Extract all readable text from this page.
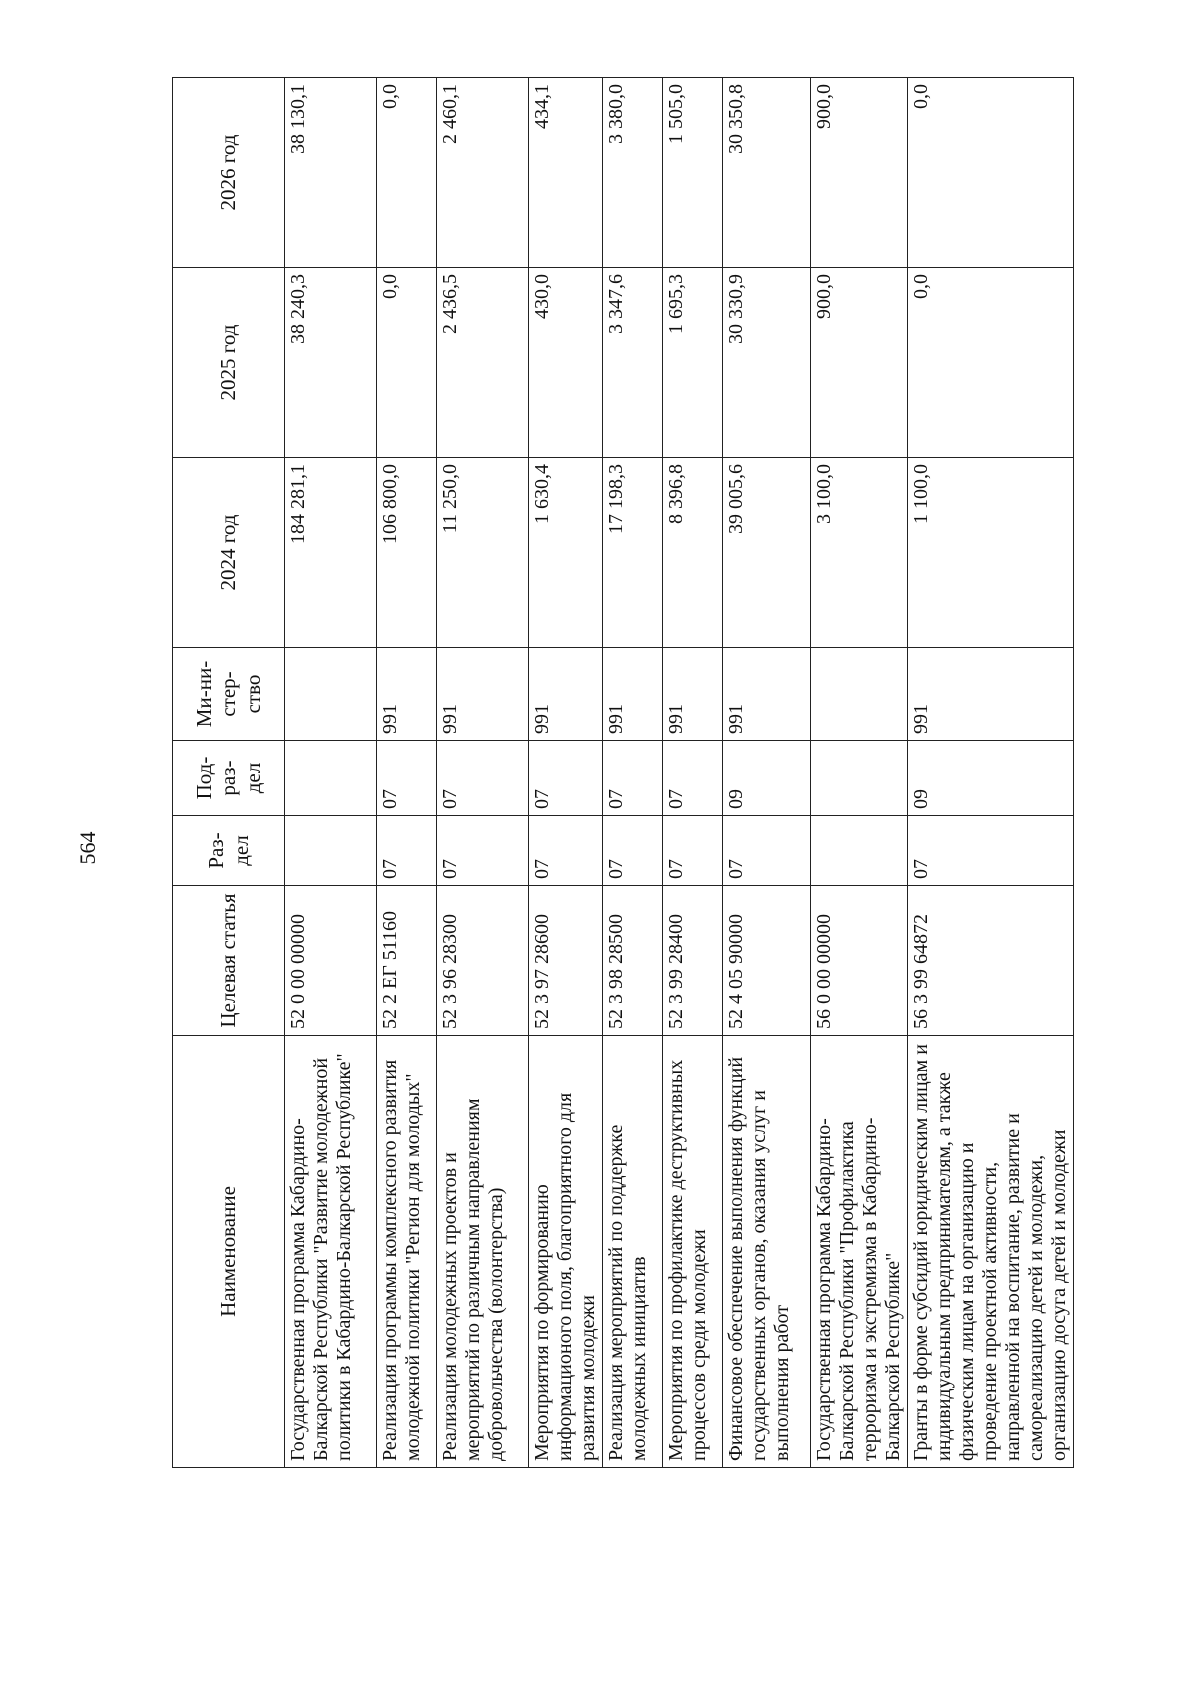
564
Наименование	Целевая статья	Раз-дел	Под-раз-дел	Ми-ни-стер-ство	2024 год	2025 год	2026 год
Государственная программа Кабардино-Балкарской Республики "Развитие молодежной политики в Кабардино-Балкарской Республике"	52 0 00 00000				184 281,1	38 240,3	38 130,1
Реализация программы комплексного развития молодежной политики "Регион для молодых"	52 2 ЕГ 51160	07	07	991	106 800,0	0,0	0,0
Реализация молодежных проектов и мероприятий по различным направлениям добровольчества (волонтерства)	52 3 96 28300	07	07	991	11 250,0	2 436,5	2 460,1
Мероприятия по формированию информационого поля, благоприятного для развития молодежи	52 3 97 28600	07	07	991	1 630,4	430,0	434,1
Реализация мероприятий по поддержке молодежных инициатив	52 3 98 28500	07	07	991	17 198,3	3 347,6	3 380,0
Мероприятия по профилактике деструктивных процессов среди молодежи	52 3 99 28400	07	07	991	8 396,8	1 695,3	1 505,0
Финансовое обеспечение выполнения функций государственных органов, оказания услуг и выполнения работ	52 4 05 90000	07	09	991	39 005,6	30 330,9	30 350,8
Государственная программа Кабардино-Балкарской Республики "Профилактика терроризма и экстремизма в Кабардино-Балкарской Республике"	56 0 00 00000				3 100,0	900,0	900,0
Гранты в форме субсидий юридическим лицам и индивидуальным предпринимателям, а также физическим лицам на организацию и проведение проектной активности, направленной на воспитание, развитие и самореализацию детей и молодежи, организацию досуга детей и молодежи	56 3 99 64872	07	09	991	1 100,0	0,0	0,0
